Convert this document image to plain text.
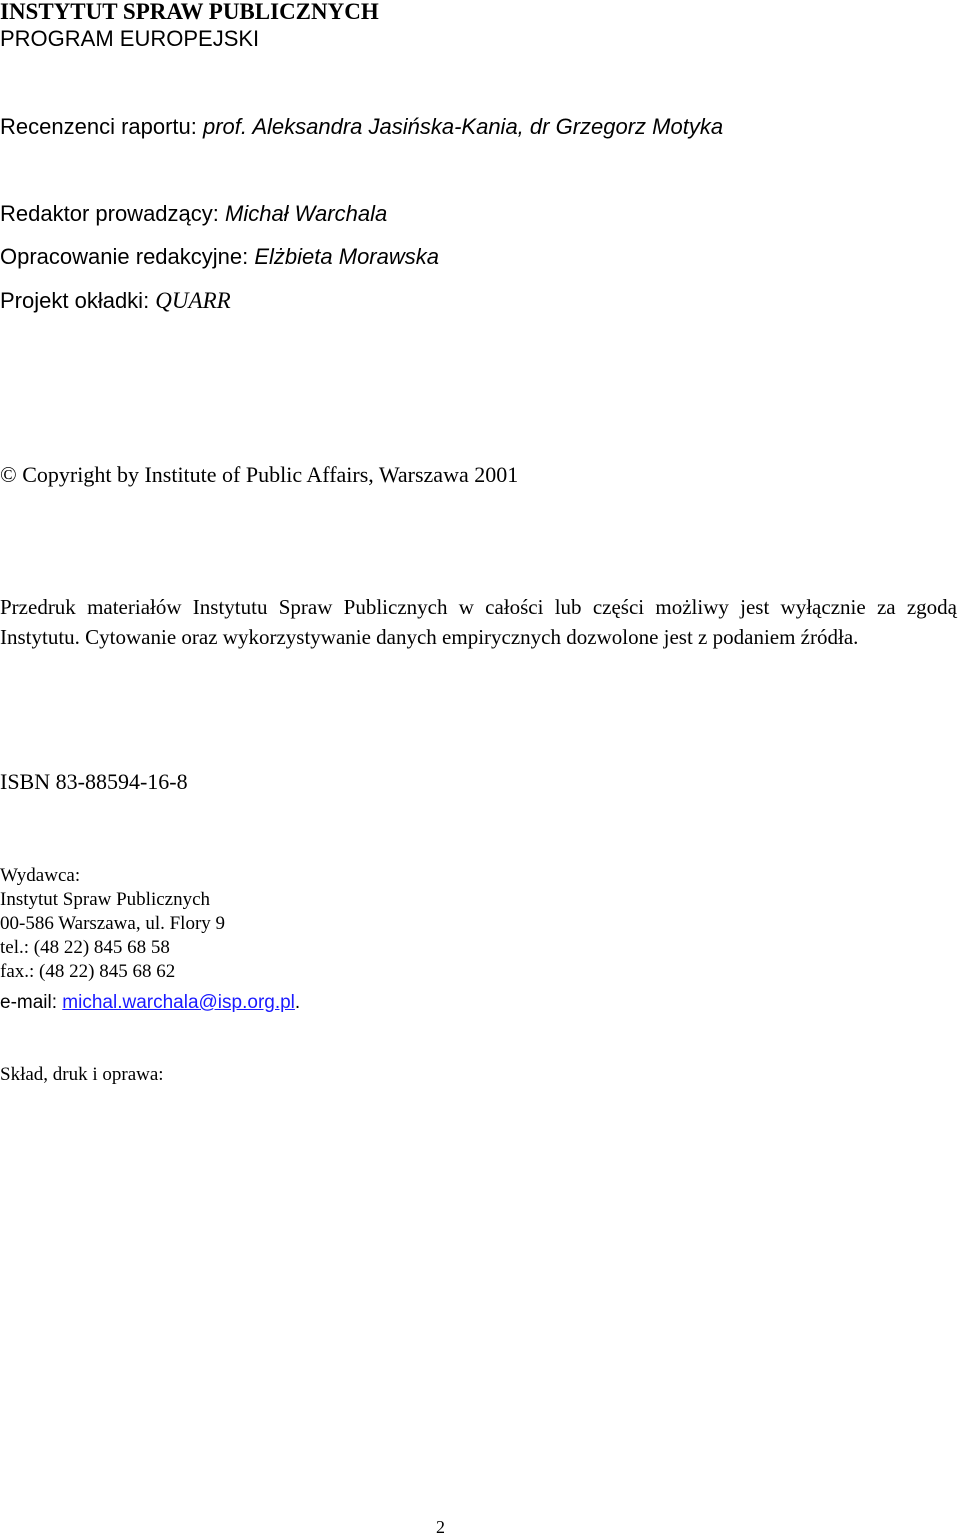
INSTYTUT SPRAW PUBLICZNYCH
PROGRAM EUROPEJSKI
Recenzenci raportu: prof. Aleksandra Jasińska-Kania, dr Grzegorz Motyka
Redaktor prowadzący: Michał Warchala
Opracowanie redakcyjne: Elżbieta Morawska
Projekt okładki: QUARR
© Copyright by Institute of Public Affairs, Warszawa 2001

Przedruk materiałów Instytutu Spraw Publicznych w całości lub części możliwy jest wyłącznie za zgodą Instytutu. Cytowanie oraz wykorzystywanie danych empirycznych dozwolone jest z podaniem źródła.

ISBN 83-88594-16-8
Wydawca:
Instytut Spraw Publicznych
00-586 Warszawa, ul. Flory 9
tel.: (48 22) 845 68 58
fax.: (48 22) 845 68 62
e-mail: michal.warchala@isp.org.pl.
Skład, druk i oprawa:
2
